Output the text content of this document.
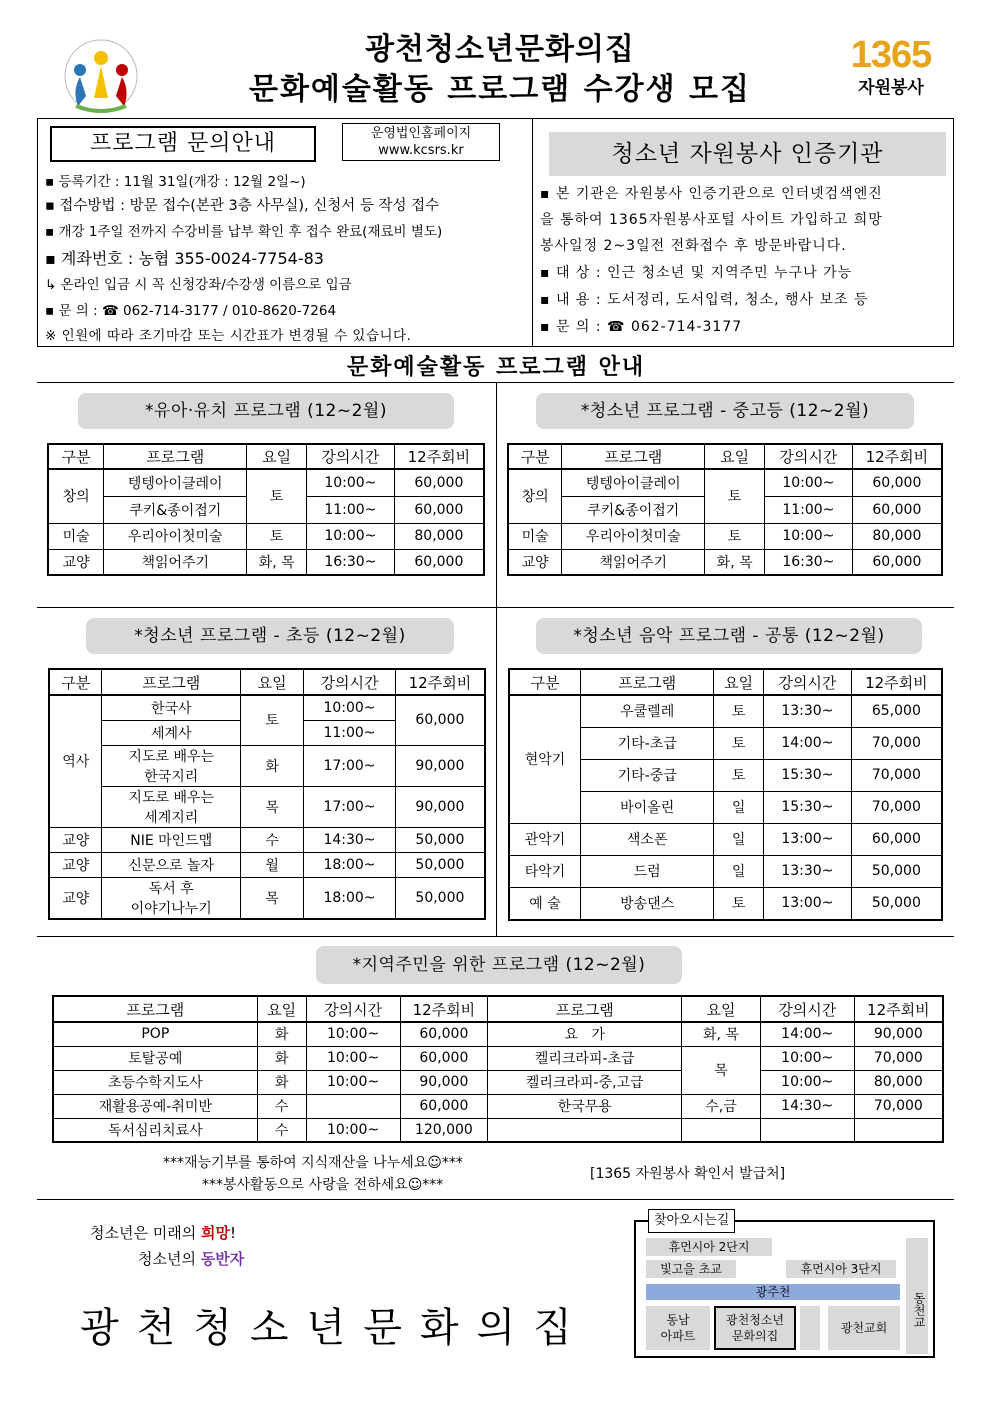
광천청소년문화의집
문화예술활동 프로그램 수강생 모집
1365
자원봉사
프로그램 문의안내	운영법인홈페이지
www.kcsrs.kr
▪ 등록기간 : 11월 31일(개강 : 12월 2일~)
▪ 접수방법 : 방문 접수(본관 3층 사무실), 신청서 등 작성 접수
▪ 개강 1주일 전까지 수강비를 납부 확인 후 접수 완료(재료비 별도)
▪ 계좌번호 : 농협 355-0024-7754-83
↳ 온라인 입금 시 꼭 신청강좌/수강생 이름으로 입금
▪ 문 의 : ☎ 062-714-3177 / 010-8620-7264
※ 인원에 따라 조기마감 또는 시간표가 변경될 수 있습니다.
청소년 자원봉사 인증기관
▪ 본 기관은 자원봉사 인증기관으로 인터넷검색엔진
을 통하여 1365자원봉사포털 사이트 가입하고 희망
봉사일정 2~3일전 전화접수 후 방문바랍니다.
▪ 대 상 : 인근 청소년 및 지역주민 누구나 가능
▪ 내 용 : 도서정리, 도서입력, 청소, 행사 보조 등
▪ 문 의 : ☎ 062-714-3177
문화예술활동 프로그램 안내
*유아·유치 프로그램 (12~2월)
구분	프로그램	요일	강의시간	12주회비
창의	텡텡아이클레이	토	10:00~	60,000
	쿠키&종이접기		11:00~	60,000
미술	우리아이첫미술	토	10:00~	80,000
교양	책읽어주기	화, 목	16:30~	60,000
*청소년 프로그램 - 중고등 (12~2월)
구분	프로그램	요일	강의시간	12주회비
창의	텡텡아이클레이	토	10:00~	60,000
	쿠키&종이접기		11:00~	60,000
미술	우리아이첫미술	토	10:00~	80,000
교양	책읽어주기	화, 목	16:30~	60,000
*청소년 프로그램 - 초등 (12~2월)
구분	프로그램	요일	강의시간	12주회비
역사	한국사	토	10:00~	60,000
	세계사		11:00~	

	지도로 배우는
한국지리	화	17:00~	90,000

	지도로 배우는
세계지리	목	17:00~	90,000
교양	NIE 마인드맵	수	14:30~	50,000
교양	신문으로 놀자	월	18:00~	50,000
교양	독서 후
이야기나누기	목	18:00~	50,000
*청소년 음악 프로그램 - 공통 (12~2월)
구분	프로그램	요일	강의시간	12주회비
현악기	우쿨렐레	토	13:30~	65,000
	기타-초급	토	14:00~	70,000
	기타-중급	토	15:30~	70,000
	바이올린	일	15:30~	70,000
관악기	색소폰	일	13:00~	60,000
타악기	드럼	일	13:30~	50,000
예 술	방송댄스	토	13:00~	50,000
*지역주민을 위한 프로그램 (12~2월)
프로그램	요일	강의시간	12주회비	프로그램	요일	강의시간	12주회비
POP	화	10:00~	60,000	요   가	화, 목	14:00~	90,000
토탈공예	화	10:00~	60,000	켈리크라피-초급	목	10:00~	70,000
초등수학지도사	화	10:00~	90,000	켈리크라피-중,고급		10:00~	80,000
재활용공예-취미반	수		60,000	한국무용	수,금	14:30~	70,000
독서심리치료사	수	10:00~	120,000				
***재능기부를 통하여 지식재산을 나누세요☺***
***봉사활동으로 사랑을 전하세요☺***
[1365 자원봉사 확인서 발급처]
청소년은 미래의 희망!
청소년의 동반자
광천청소년문화의집
휴먼시아 2단지
빛고을 초교	휴먼시아 3단지
광주천	동천교
동남
아파트
광천청소년
문화의집
광천교회
찾아오시는길
